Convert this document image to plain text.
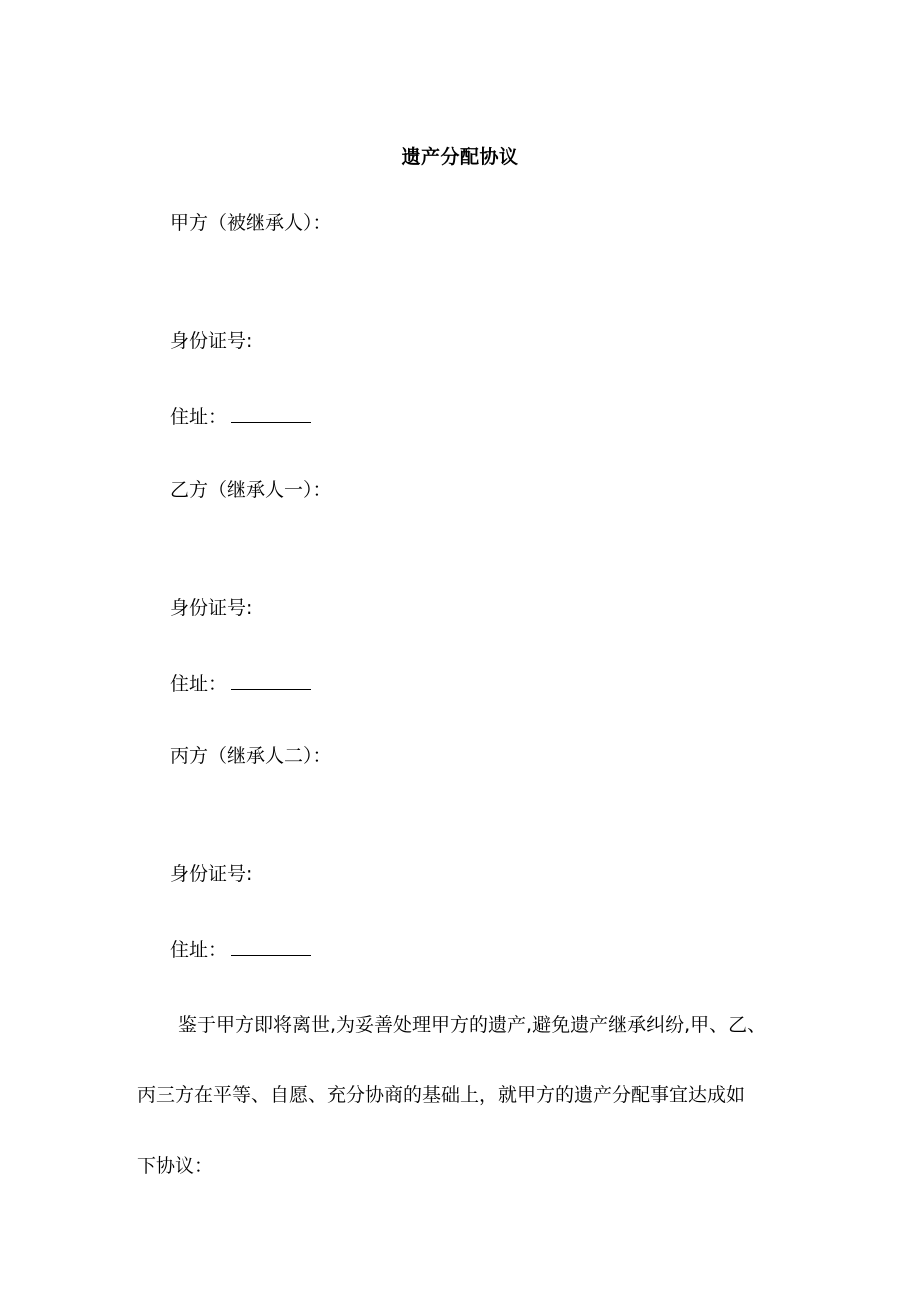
遗产分配协议
甲方（被继承人）：
身份证号:
住址：
乙方（继承人一）：
身份证号:
住址：
丙方（继承人二）：
身份证号:
住址：
鉴于甲方即将离世,为妥善处理甲方的遗产,避免遗产继承纠纷,甲、乙、
丙三方在平等、自愿、充分协商的基础上，就甲方的遗产分配事宜达成如
下协议：
